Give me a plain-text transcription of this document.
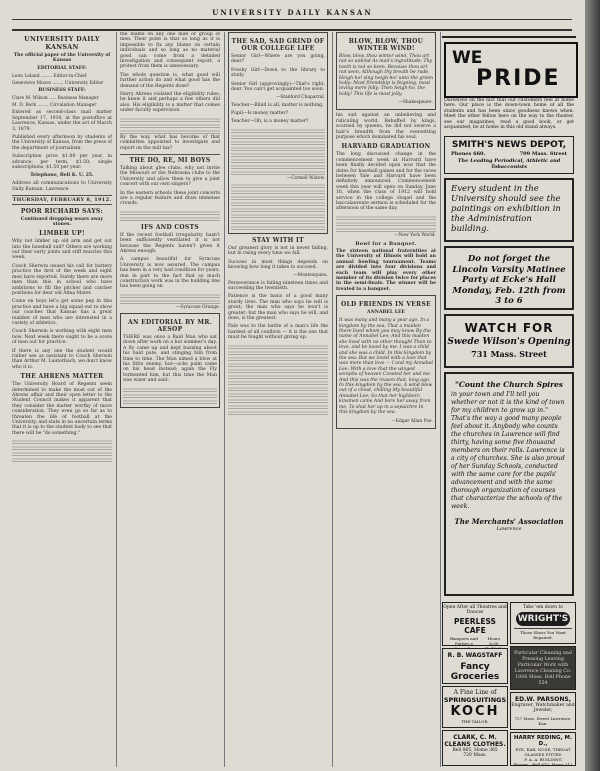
UNIVERSITY DAILY KANSAN
UNIVERSITY DAILY KANSAN
The official paper of the University of Kansas
EDITORIAL STAFF:
Leon Leland ........ Editor-in-Chief
Genevieve Moore ........ University Editor
BUSINESS STAFF:
Clare M. Wilson ..... Business Manager
M. D. Bork ........ Circulation Manager

Entered as second-class mail matter September 17, 1910, at the postoffice at Lawrence, Kansas, under the act of March 3, 1879.

Published every afternoon by students of the University of Kansas, from the press of the department of journalism.

Subscription price $1.00 per year, in advance; per term, $1.50; single subscriptions, $1.50 per year.

Telephone, Bell K. U. 25.

Address all communications to University Daily Kansan, Lawrence.

THURSDAY, FEBRUARY 8, 1912.
POOR RICHARD SAYS:
Continued dropping wears away stones.
LIMBER UP!

Why not limber up old arm and get out into the baseball suit? Others are working out their early joints and stiff muscles this week.

Coach Sherwin issued his call for battery practice the first of the week and eight men have reported. Surely there are more men than this in school who have ambitions to fill the pitcher and catcher positions for dear old Alma Mater.

Come on boys let's get some pep in this practice and have a big squad out to show our coaches that Kansas has a great number of men who are interested in a variety of athletics.

Coach Sherwin is working with eight men now. Next week there ought to be a score of men out for practice.

If there is any one the student would rather see as assistant to Coach Sherwin than Arthur M. Lauterbach, we don't know who it is.

THE AHRENS MATTER

The University Board of Regents seem determined to make the most out of the Ahrens affair and their open letter to the Student Council makes it apparent that they consider the matter worthy of more consideration. They even go so far as to threaten the life of football at the University, and state in no uncertain terms that it is up to the student body to see that there will be "do something."

the blame on any one man or group of men. Their point is that so long as it is impossible to fix any blame on certain individuals and so long as no material good can come from a detailed investigation and consequent report, a protest from them is unnecessary.

The whole question is, what good will further action do and what good has the demand of the Regents done?

Harry Ahrens violated the eligibility rules; he knew it and perhaps a few others did also. His eligibility is a matter that comes under faculty supervision.

By the way, what has become of that committee appointed to investigate and report on the mill tax?

THE DO, RE, MI BOYS

Talking about glee clubs, why not invite the Missouri or the Nebraska clubs to the University and allow them to give a joint concert with our own singers?

In the eastern schools these joint concerts are a regular feature and draw immense crowds.

IFS AND COSTS

If the recent football irregularity hasn't been sufficiently ventilated it is not because the Regents haven't given it Akrens enough.

A campus beautiful for Syracuse University is now assured. The campus has been in a very bad condition for years, due in part to the fact that so much construction work was in the building line has been going on.

—Syracuse Orange.
AN EDITORIAL BY MR. AESOP

THERE was once a Bald Man who sat down after work on a hot summer's day. A fly came up and kept buzzing about his bald pate, and stinging him from time to time. The Man aimed a blow at his little enemy, but—acks palm came on his head instead; again the Fly tormented him, but this time the Man was wiser and said:

THE SAD, SAD GRIND OF OUR COLLEGE LIFE

Senior Girl—Where are you going, dear?

Freshy Girl—Down to the library to study.

Senior Girl (approvingly)—That's right, dear. You can't get acquainted too soon.

—Stanford Chaparral.

Teacher—Blind is all, matter is nothing.

Pupil—Is money matter?

Teacher—Oh, is a money matter?

—Cornell Widow.
STAY WITH IT

Our greatest glory is not in never falling, but in rising every time we fall.

Success in most things depends on knowing how long it takes to succeed.

—Montesquieu.

Perseverance is failing nineteen times and succeeding the twentieth.

Patience is the basis of a good many sturdy lives. The man who says he will is great; the man who says he won't is greater; but the man who says he will, and does, is the greatest.

Pale was to the battle of a man's life the hardest of all conflicts — it is the one that must be fought without giving up.

BLOW, BLOW, THOU WINTER WIND!

Blow, blow, thou winter wind, Thou art not so unkind As man's ingratitude; Thy tooth is not so keen, Because thou art not seen, Although thy breath be rude. Heigh-ho! sing heigh-ho! unto the green holly: Most friendship is feigning, most loving mere folly: Then heigh-ho, the holly! This life is most jolly.

—Shakespeare.

his suit against an unbelieving and ridiculing world. Rebuffed by kings, scorned by queens, he did not swerve a hair's breadth from the oversetting purpose which dominated his soul.

HARVARD GRADUATION

The long discussed change in the commencement week at Harvard have been finally decided upon now that the dates for baseball games and for the races between Yale and Harvard have been definitely announced. Commencement week this year will open on Sunday, June 16, when the class of 1912 will hold service in the college chapel and the baccalaureate sermon is scheduled for the afternoon of the same day.

—New York World.
Bowl for a Banquet.

The sixteen national fraternities at the University of Illinois will hold an annual bowling tournament. Teams are divided into four divisions and each team will play every other member of its division twice for places in the semi-finals. The winner will be treated to a banquet.

OLD FRIENDS IN VERSE
ANNABEL LEE

It was many and many a year ago, In a kingdom by the sea, That a maiden there lived whom you may know By the name of Annabel Lee; And this maiden she lived with no other thought Than to love, and be loved by me. I was a child and she was a child, In this kingdom by the sea: But we loved with a love that was more than love — I and my Annabel Lee; With a love that the winged seraphs of heaven Coveted her and me. And this was the reason that, long ago, In this kingdom by the sea, A wind blew out of a cloud, chilling My beautiful Annabel Lee; So that her highborn kinsmen came And bore her away from me, To shut her up in a sepulchre In this kingdom by the sea.

—Edgar Allan Poe.
WE
PRIDE

Ourselves on the fact that our customers feel at home here. Our place is the down-town home of all the students and has been since goodness knows when. Meet the other fellow here on the way to the theater, see our magazines, read a good book, or get acquainted; be at home in this old stand always.

SMITH'S NEWS DEPOT,
Phones 660.	709 Mass. Street
The Leading Periodical, Athletic and Tobacconists
Every student in the University should see the paintings on exhibition in the Administration building.
Do not forget the Lincoln Varsity Matinee Party at Ecke's Hall Monday, Feb. 12th from 3 to 6
WATCH FOR
Swede Wilson's Opening
731 Mass. Street
"Count the Church Spires
in your town and I'll tell you whether or not it is the kind of town for my children to grow up in." That's the way a good many people feel about it. Anybody who counts the churches in Lawrence will find thirty, having some five thousand members on their rolls. Lawrence is a city of churches. She is also proud of her Sunday Schools, conducted with the same care for the pupils' advancement and with the same thorough organization of courses that characterize the schools of the week.
The Merchants' Association
Lawrence
Open After all Theatres and Dances
PEERLESS CAFE
Banquets and
Parties a
Hours 6:30

R. B. WAGSTAFF
Fancy Groceries
A Fine Line of
SPRINGSUITINGS
KOCH
THE TAILOR.
CLARK, C. M. CLEANS CLOTHES.
Bell 865, Home 365
720 Mass.
Take 'em down to
WRIGHT'S
Those Shoes You Want Repaired.
Particular Cleaning and Pressing Leaving Particular Work with Lawrence Cleaning Co. 1006 Mass. Bell Phone 554
ED.W. PARSONS,
Engraver, Watchmaker and Jeweler,
727 Mass. Street Lawrence, Kan.
HARRY REDING, M. D.,
EYE, EAR, NOSE, THROAT GLASSES FITTED
F. A. A. BUILDING
Phones—Bell 610, Home 312
